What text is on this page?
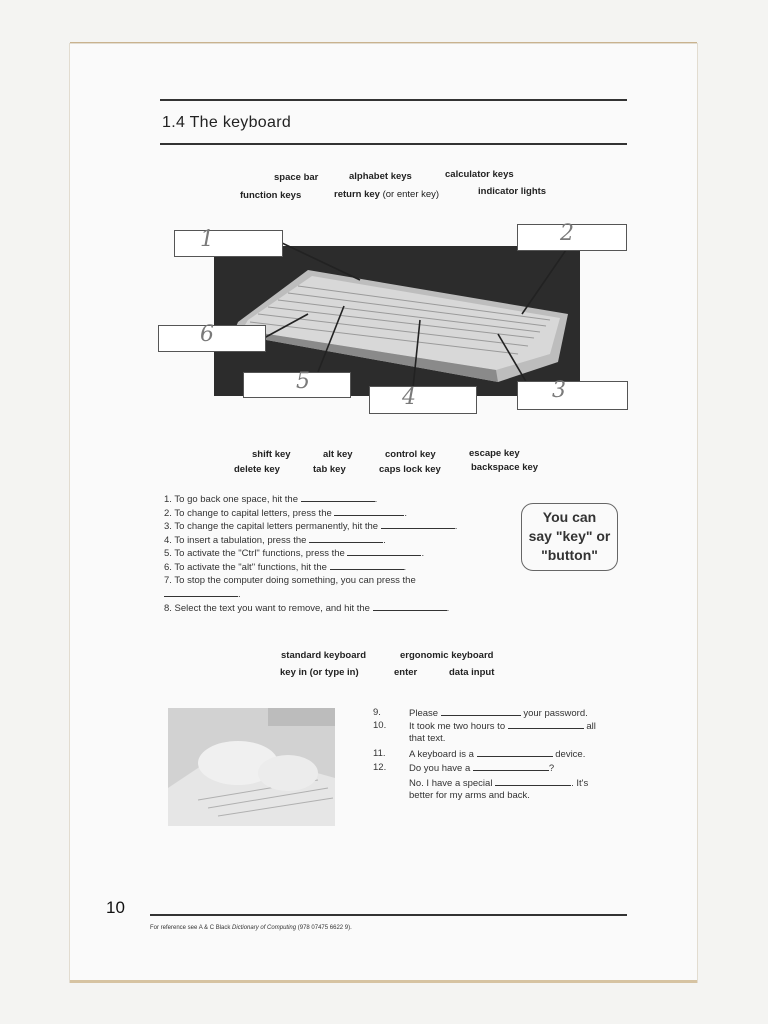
1.4 The keyboard
space bar	alphabet keys	calculator keys
function keys	return key (or enter key)	indicator lights
1	2
3
4
5
6
shift key	alt key	control key	escape key
delete key	tab key	caps lock key	backspace key
1. To go back one space, hit the	.
2. To change to capital letters, press the	.
3. To change the capital letters permanently, hit the	.
4. To insert a tabulation, press the	.
5. To activate the "Ctrl" functions, press the	.
6. To activate the "alt" functions, hit the	.
7. To stop the computer doing something, you can press the
.
8. Select the text you want to remove, and hit the	.
You can
say "key" or
"button"
standard keyboard	ergonomic keyboard
key in (or type in)	enter	data input
9.	Please	your password.
10. It took me two hours to	all
that text.
11. A keyboard is a	device.
12. Do you have a	?
No. I have a special	. It's
better for my arms and back.
10
For reference see A & C Black Dictionary of Computing (978 07475 6622 9).
